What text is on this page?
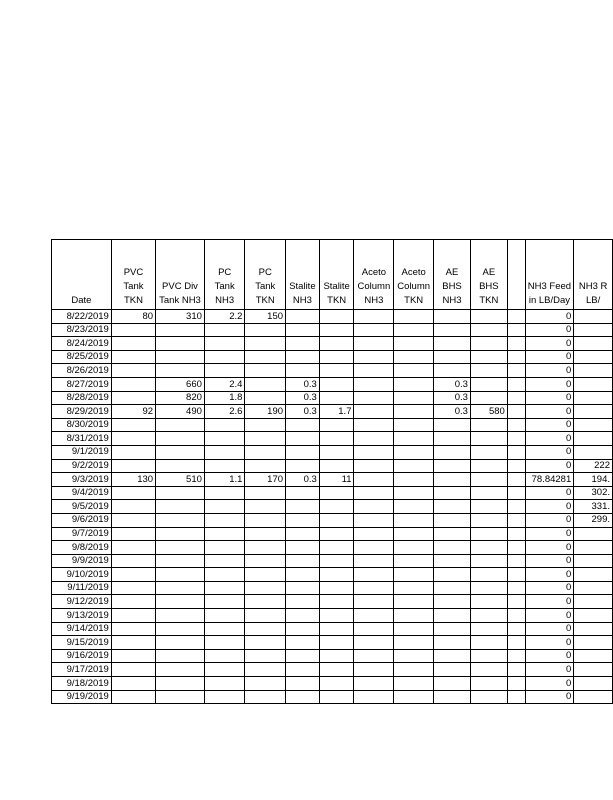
Date	PVC Tank TKN	PVC Div Tank NH3	PC Tank NH3	PC Tank TKN	Stalite NH3	Stalite TKN	Aceto Column NH3	Aceto Column TKN	AE BHS NH3	AE BHS TKN		NH3 Feed in LB/Day	NH3 R LB/
8/22/2019	80	310	2.2	150								0	
8/23/2019												0	
8/24/2019												0	
8/25/2019												0	
8/26/2019												0	
8/27/2019		660	2.4		0.3				0.3			0	
8/28/2019		820	1.8		0.3				0.3			0	
8/29/2019	92	490	2.6	190	0.3	1.7			0.3	580		0	
8/30/2019												0	
8/31/2019												0	
9/1/2019												0	
9/2/2019												0	222
9/3/2019	130	510	1.1	170	0.3	11						78.84281	194.
9/4/2019												0	302.
9/5/2019												0	331.
9/6/2019												0	299.
9/7/2019												0	
9/8/2019												0	
9/9/2019												0	
9/10/2019												0	
9/11/2019												0	
9/12/2019												0	
9/13/2019												0	
9/14/2019												0	
9/15/2019												0	
9/16/2019												0	
9/17/2019												0	
9/18/2019												0	
9/19/2019												0	
